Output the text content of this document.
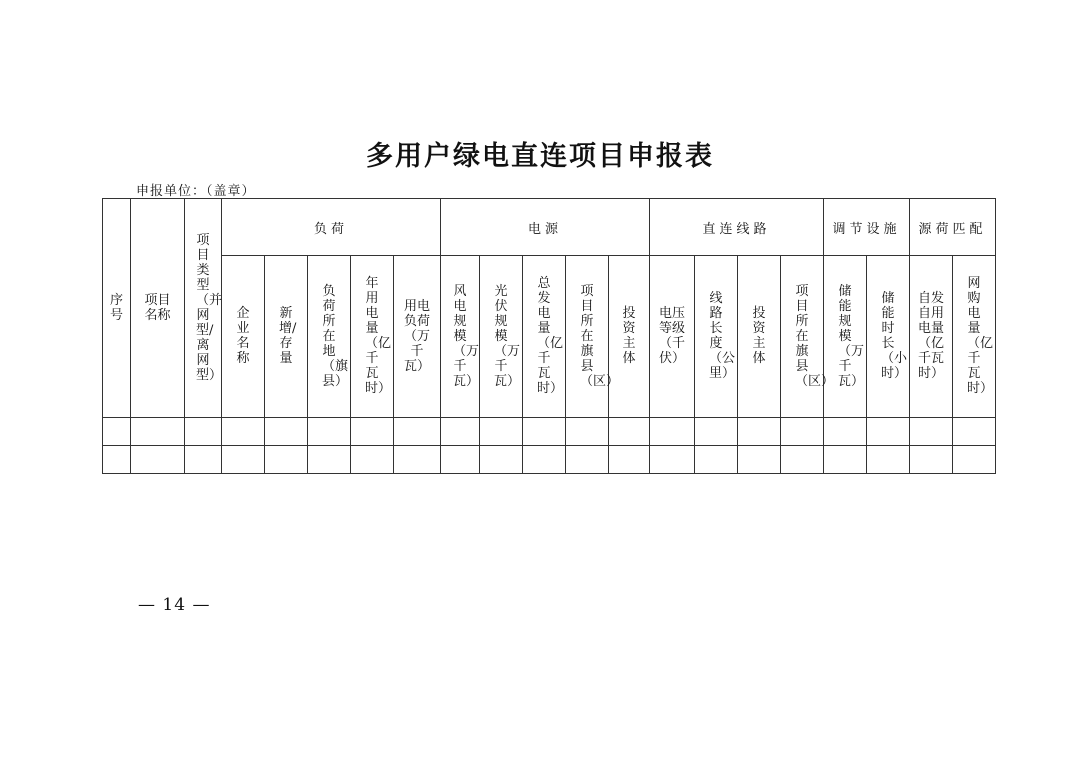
多用户绿电直连项目申报表
申报单位：（盖章）
序号	项目名称	项目类型（并网型/离网型）	负荷					电源					直连线路				调节设施		源荷匹配	
			企业名称	新增/存量	负荷所在地（旗县）	年用电量（亿千瓦时）	用电负荷（万千瓦）	风电规模（万千瓦）	光伏规模（万千瓦）	总发电量（亿千瓦时）	项目所在旗县（区）	投资主体	电压等级（千伏）	线路长度（公里）	投资主体	项目所在旗县（区）	储能规模（万千瓦）	储能时长（小时）	自发自用电量（亿千瓦时）	网购电量（亿千瓦时）

— 14 —
